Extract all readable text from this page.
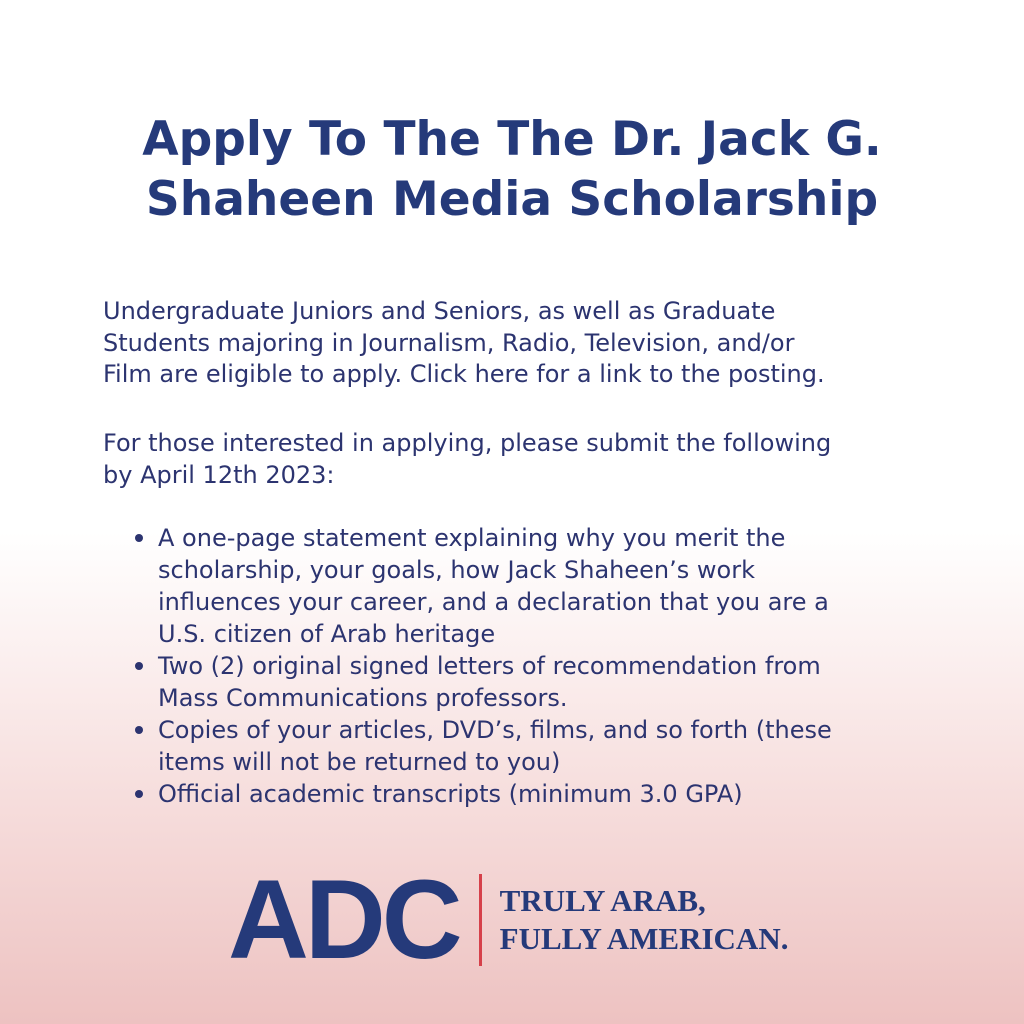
Apply To The The Dr. Jack G.
Shaheen Media Scholarship

Undergraduate Juniors and Seniors, as well as Graduate
Students majoring in Journalism, Radio, Television, and/or
Film are eligible to apply. Click here for a link to the posting.

For those interested in applying, please submit the following
by April 12th 2023:

A one-page statement explaining why you merit the
scholarship, your goals, how Jack Shaheen’s work
influences your career, and a declaration that you are a
U.S. citizen of Arab heritage
Two (2) original signed letters of recommendation from
Mass Communications professors.
Copies of your articles, DVD’s, films, and so forth (these
items will not be returned to you)
Official academic transcripts (minimum 3.0 GPA)
ADC TRULY ARAB,
FULLY AMERICAN.
